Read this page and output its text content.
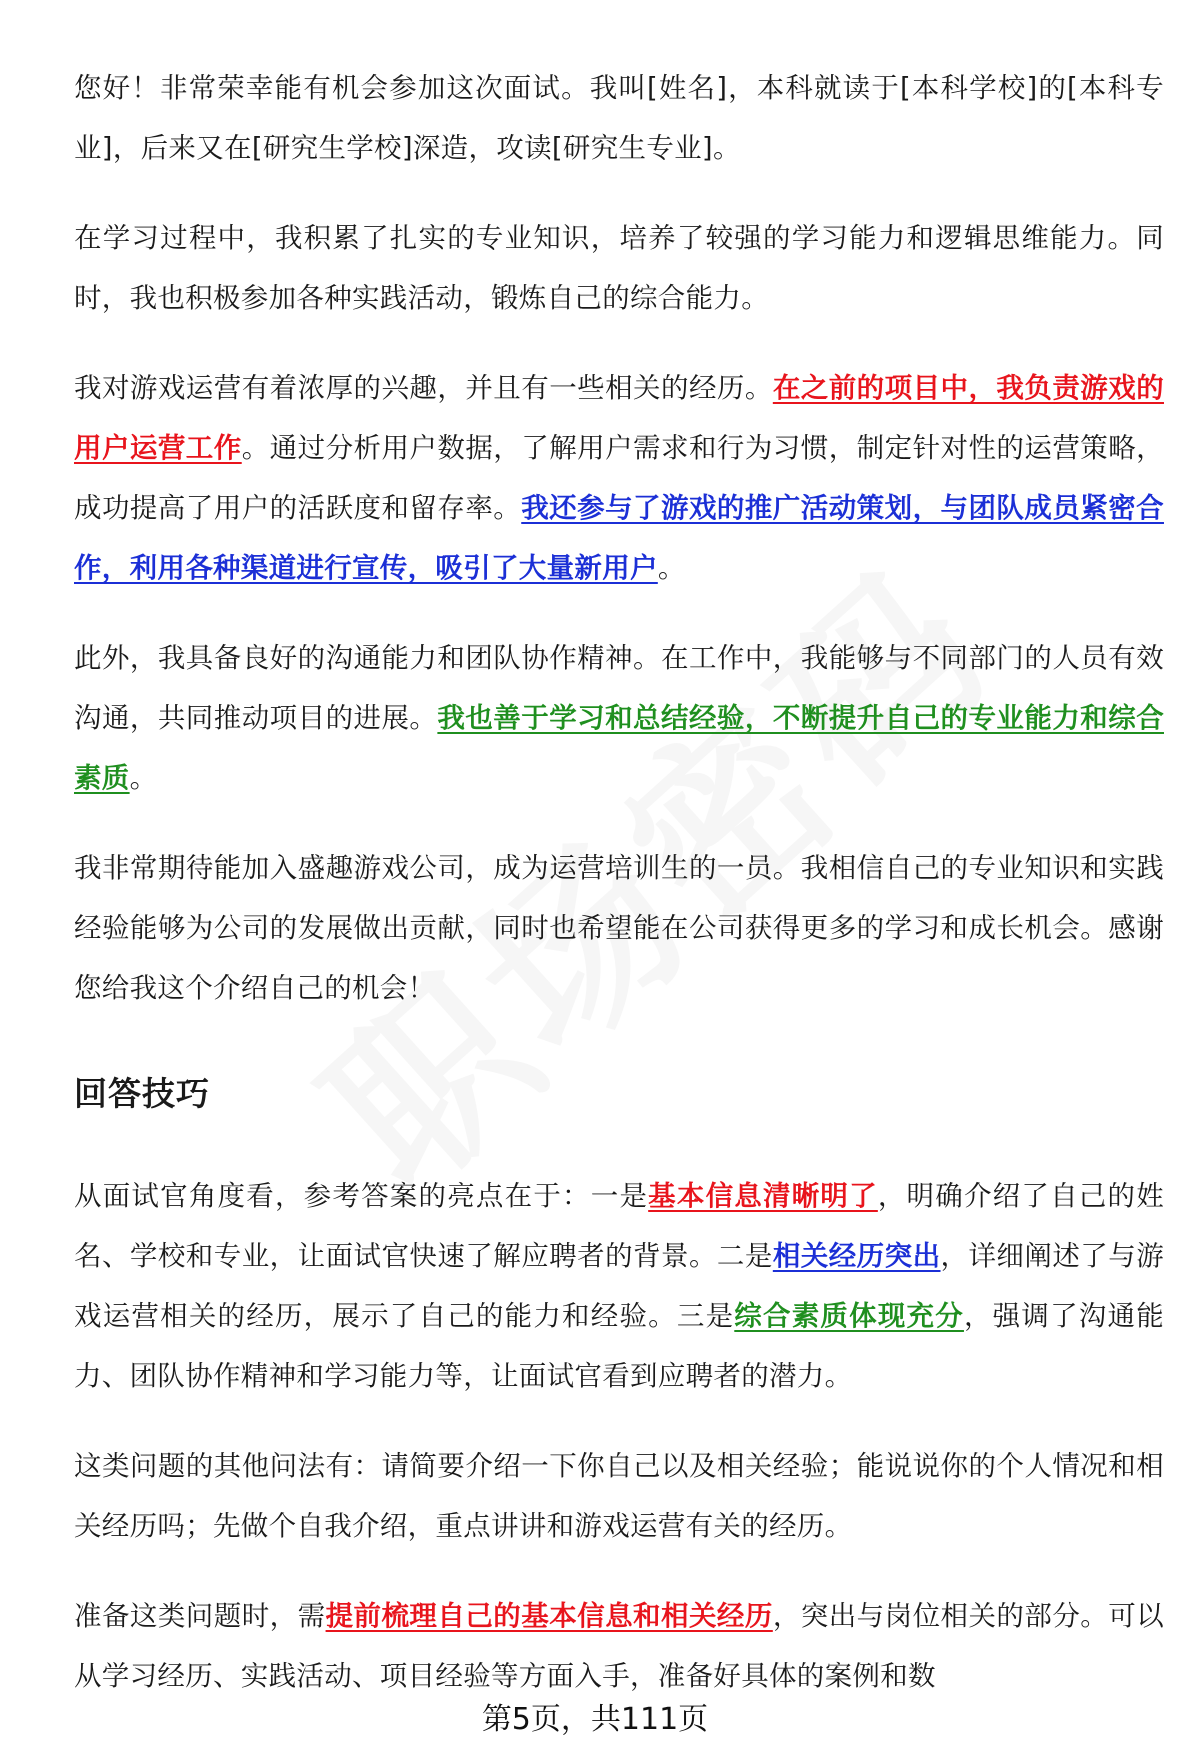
您好！非常荣幸能有机会参加这次面试。我叫[姓名]，本科就读于[本科学校]的[本科专业]，后来又在[研究生学校]深造，攻读[研究生专业]。

在学习过程中，我积累了扎实的专业知识，培养了较强的学习能力和逻辑思维能力。同时，我也积极参加各种实践活动，锻炼自己的综合能力。

我对游戏运营有着浓厚的兴趣，并且有一些相关的经历。在之前的项目中，我负责游戏的用户运营工作。通过分析用户数据，了解用户需求和行为习惯，制定针对性的运营策略，成功提高了用户的活跃度和留存率。我还参与了游戏的推广活动策划，与团队成员紧密合作，利用各种渠道进行宣传，吸引了大量新用户。

此外，我具备良好的沟通能力和团队协作精神。在工作中，我能够与不同部门的人员有效沟通，共同推动项目的进展。我也善于学习和总结经验，不断提升自己的专业能力和综合素质。

我非常期待能加入盛趣游戏公司，成为运营培训生的一员。我相信自己的专业知识和实践经验能够为公司的发展做出贡献，同时也希望能在公司获得更多的学习和成长机会。感谢您给我这个介绍自己的机会！

回答技巧

从面试官角度看，参考答案的亮点在于：一是基本信息清晰明了，明确介绍了自己的姓名、学校和专业，让面试官快速了解应聘者的背景。二是相关经历突出，详细阐述了与游戏运营相关的经历，展示了自己的能力和经验。三是综合素质体现充分，强调了沟通能力、团队协作精神和学习能力等，让面试官看到应聘者的潜力。

这类问题的其他问法有：请简要介绍一下你自己以及相关经验；能说说你的个人情况和相关经历吗；先做个自我介绍，重点讲讲和游戏运营有关的经历。

准备这类问题时，需提前梳理自己的基本信息和相关经历，突出与岗位相关的部分。可以从学习经历、实践活动、项目经验等方面入手，准备好具体的案例和数

第5页，共111页
